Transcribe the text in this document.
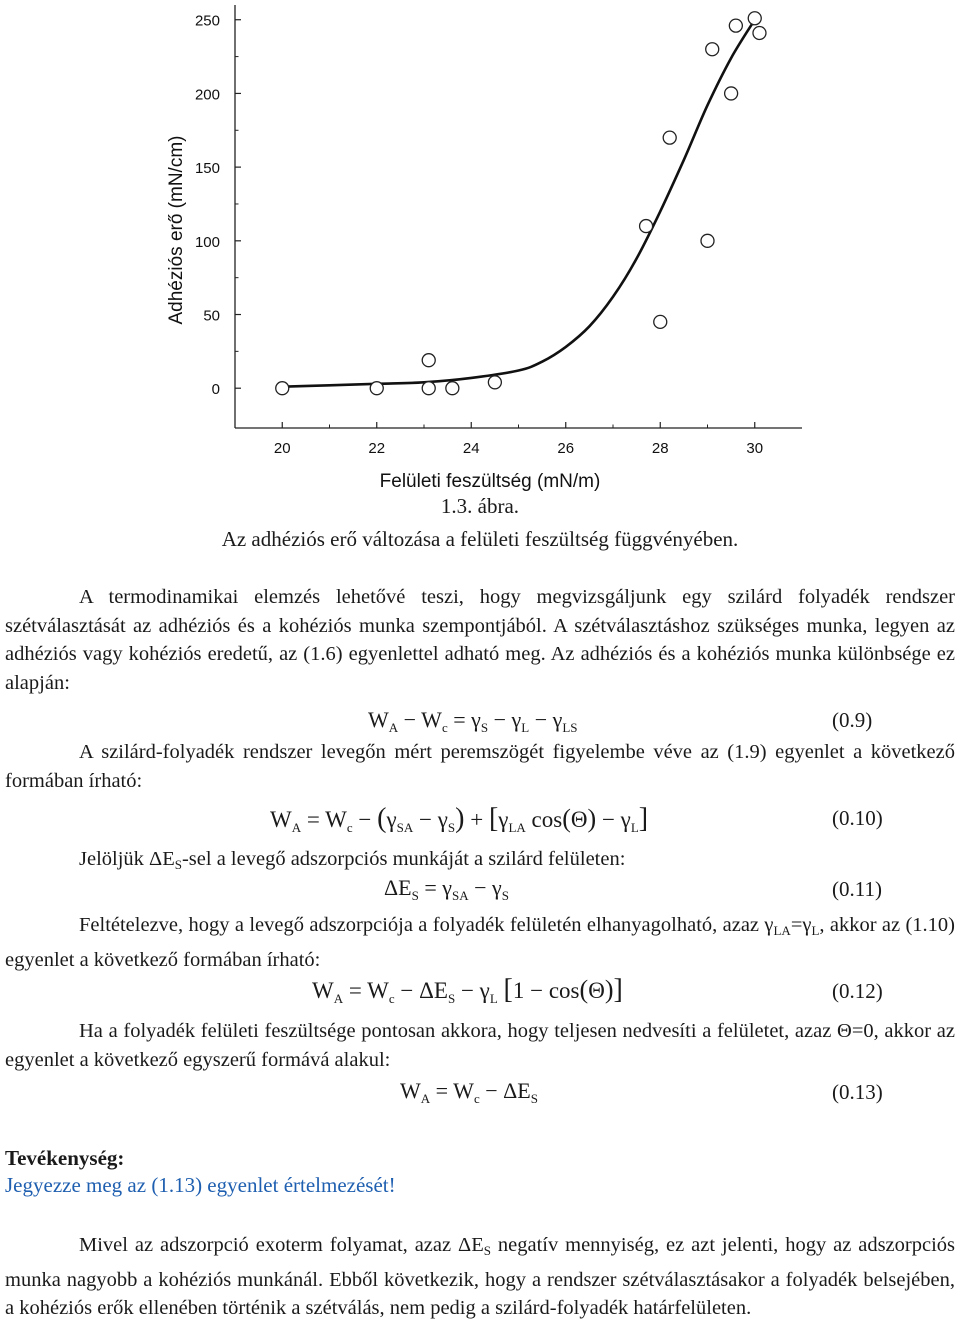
0
50
100
150
200
250
20	22	24	26	28	30
Felületi feszültség (mN/m)
Adhéziós erő (mN/cm)
1.3. ábra.
Az adhéziós erő változása a felületi feszültség függvényében.

A termodinamikai elemzés lehetővé teszi, hogy megvizsgáljunk egy szilárd folyadék rendszer szétválasztását az adhéziós és a kohéziós munka szempontjából. A szétválasztáshoz szükséges munka, legyen az adhéziós vagy kohéziós eredetű, az (1.6) egyenlettel adható meg. Az adhéziós és a kohéziós munka különbsége ez alapján:

$W_A - W_c = \gamma_S - \gamma_L - \gamma_{LS}$	(0.9)

A szilárd-folyadék rendszer levegőn mért peremszögét figyelembe véve az (1.9) egyenlet a következő formában írható:

$W_A = W_c - (\gamma_{SA} - \gamma_S) + [\gamma_{LA}$ $\cos(\Theta) - \gamma_L$]	(0.10)

Jelöljük $\Delta E_S$-sel a levegő adszorpciós munkáját a szilárd felületen:

$\Delta E_S = \gamma_{SA} - \gamma_S$	(0.11)

Feltételezve, hogy a levegő adszorpciója a folyadék felületén elhanyagolható, azaz $\gamma_{LA}=\gamma_L$, akkor az (1.10) egyenlet a következő formában írható:

$W_A = W_c - \Delta E_S - \gamma_L$ [1 − cos(Θ)]	(0.12)

Ha a folyadék felületi feszültsége pontosan akkora, hogy teljesen nedvesíti a felületet, azaz Θ=0, akkor az egyenlet a következő egyszerű formává alakul:

$W_A = W_c - \Delta E_S$	(0.13)
Tevékenység:
Jegyezze meg az (1.13) egyenlet értelmezését!

Mivel az adszorpció exoterm folyamat, azaz $\Delta E_S$ negatív mennyiség, ez azt jelenti, hogy az adszorpciós munka nagyobb a kohéziós munkánál. Ebből következik, hogy a rendszer szétválasztásakor a folyadék belsejében, a kohéziós erők ellenében történik a szétválás, nem pedig a szilárd-folyadék határfelületen.
